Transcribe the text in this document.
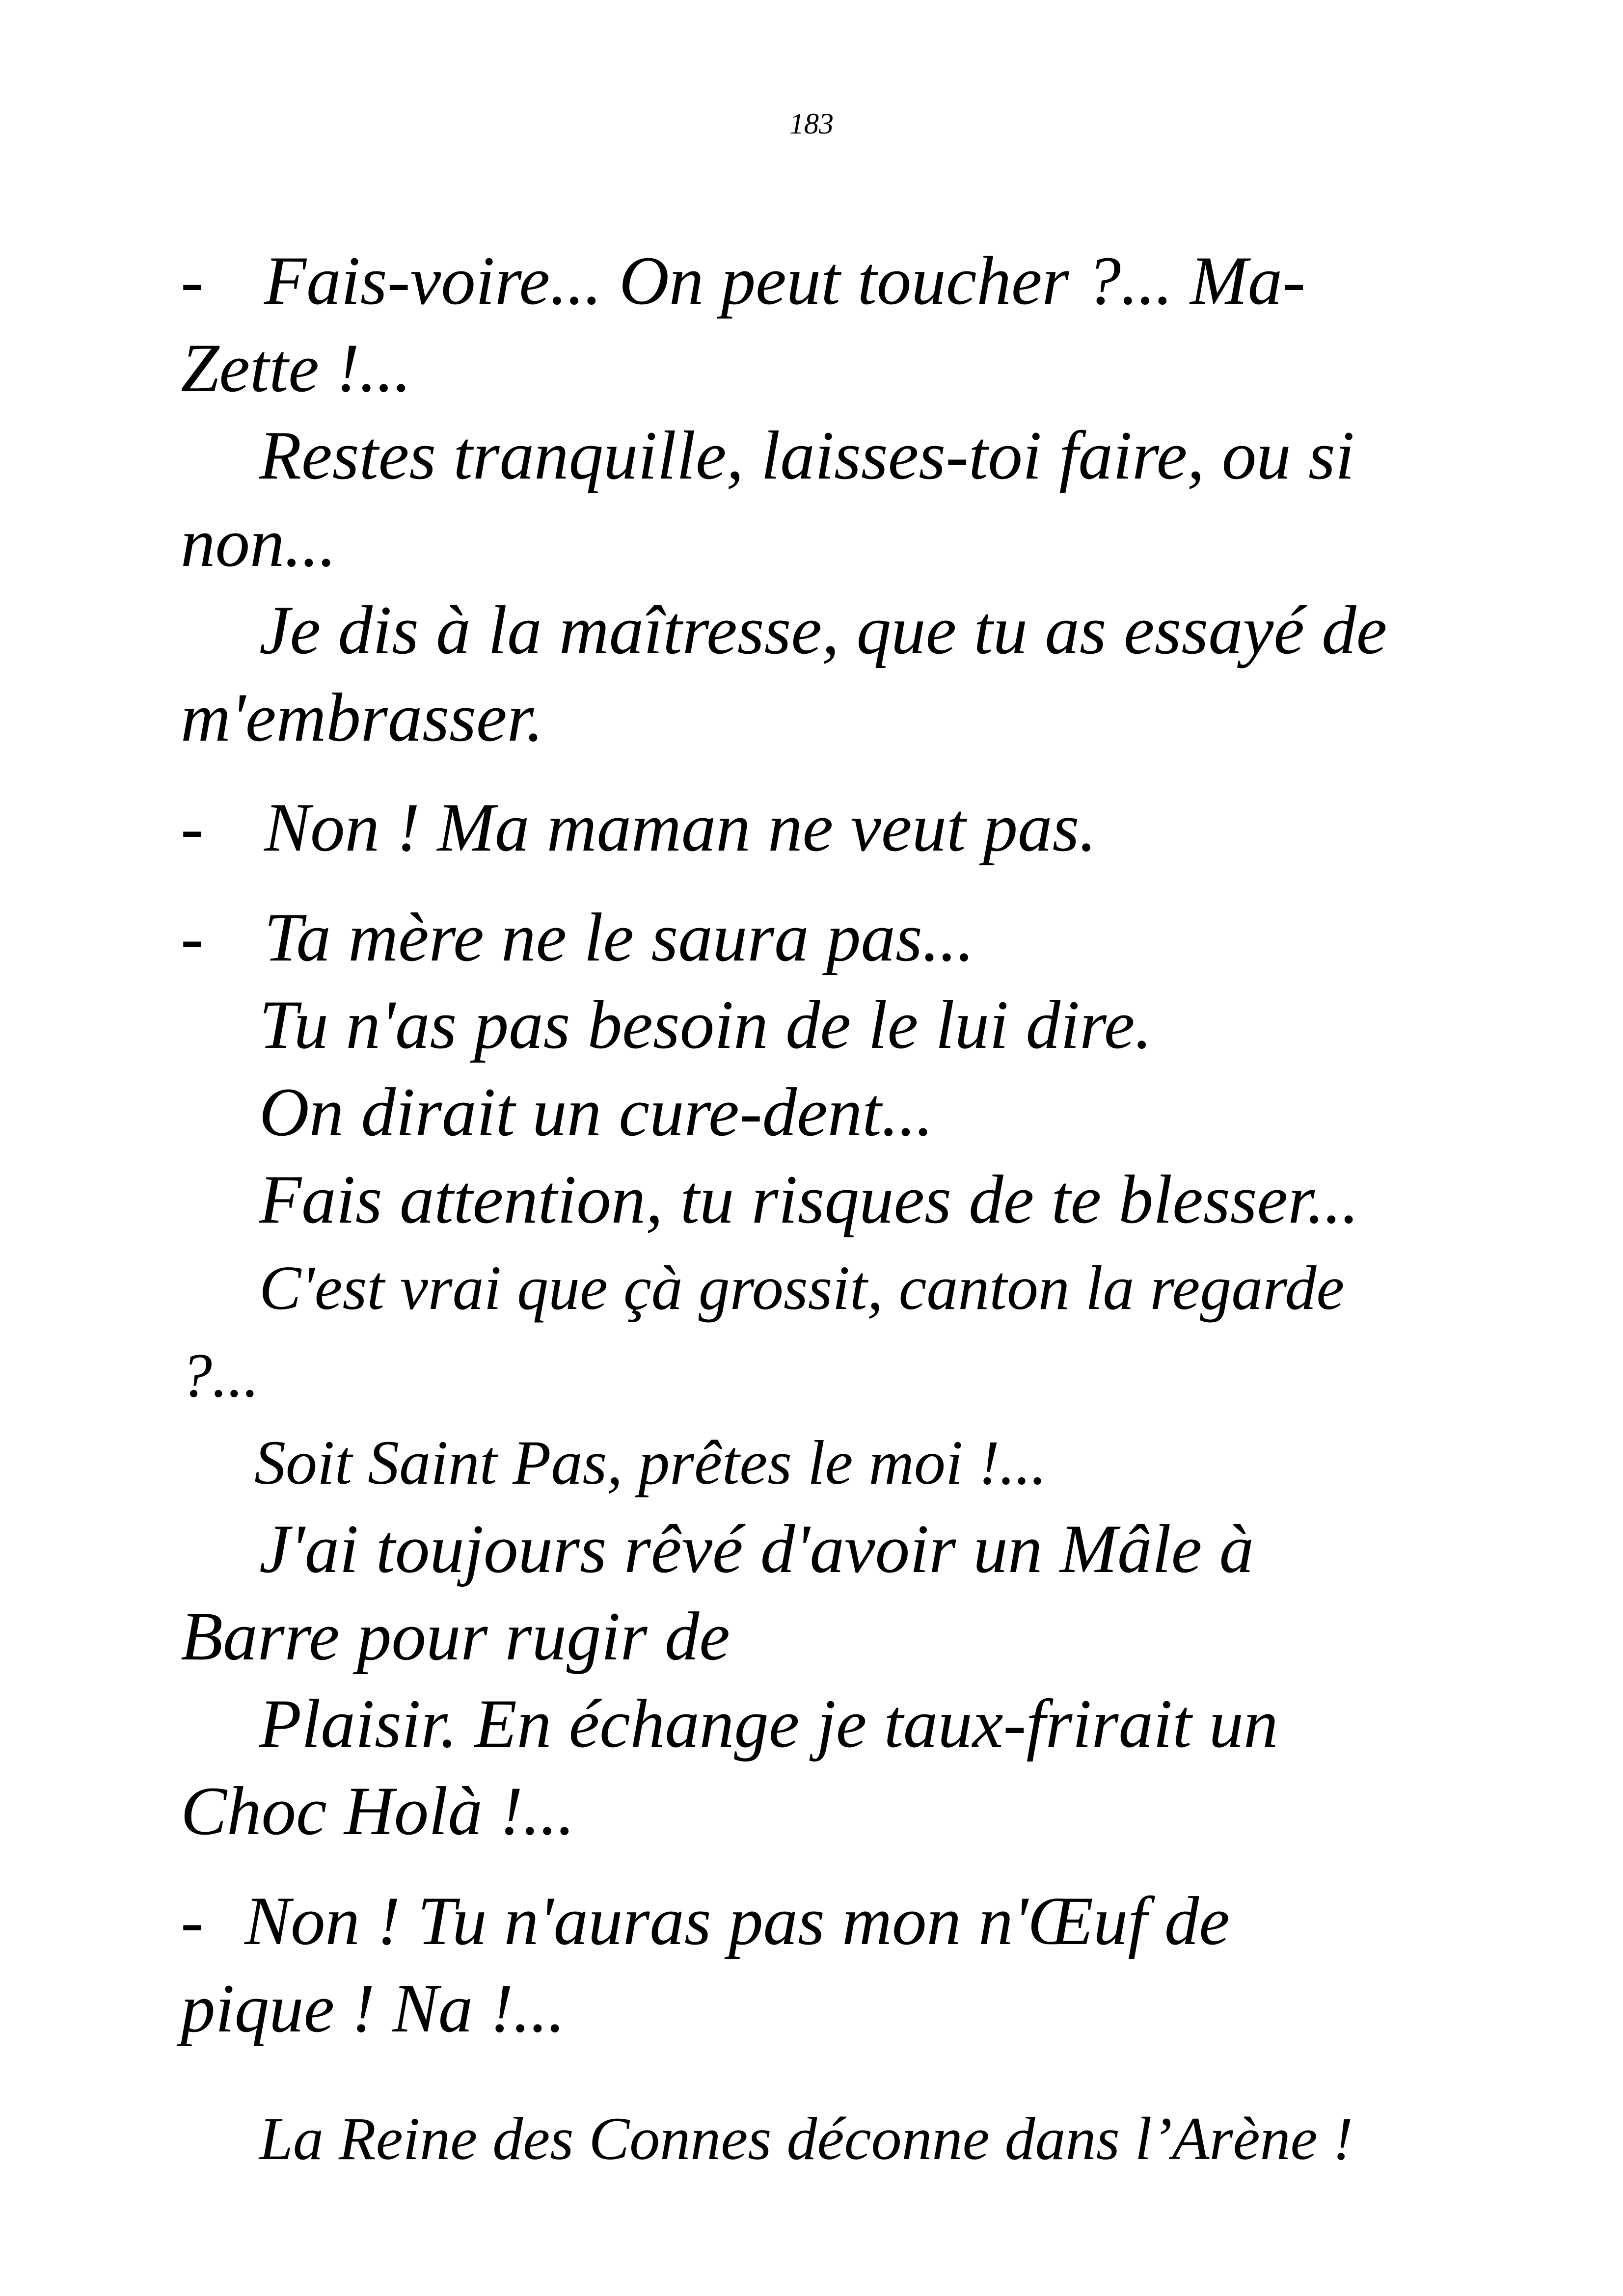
183
- Fais-voire... On peut toucher ?... Ma-
Zette !...
Restes tranquille, laisses-toi faire, ou si
non...
Je dis à la maîtresse, que tu as essayé de
m'embrasser.
- Non ! Ma maman ne veut pas.
- Ta mère ne le saura pas...
Tu n'as pas besoin de le lui dire.
On dirait un cure-dent...
Fais attention, tu risques de te blesser...
C'est vrai que çà grossit, canton la regarde
?...
Soit Saint Pas, prêtes le moi !...
J'ai toujours rêvé d'avoir un Mâle à
Barre pour rugir de
Plaisir. En échange je taux-frirait un
Choc Holà !...
- Non ! Tu n'auras pas mon n'Œuf de
pique ! Na !...
La Reine des Connes déconne dans l’Arène !
